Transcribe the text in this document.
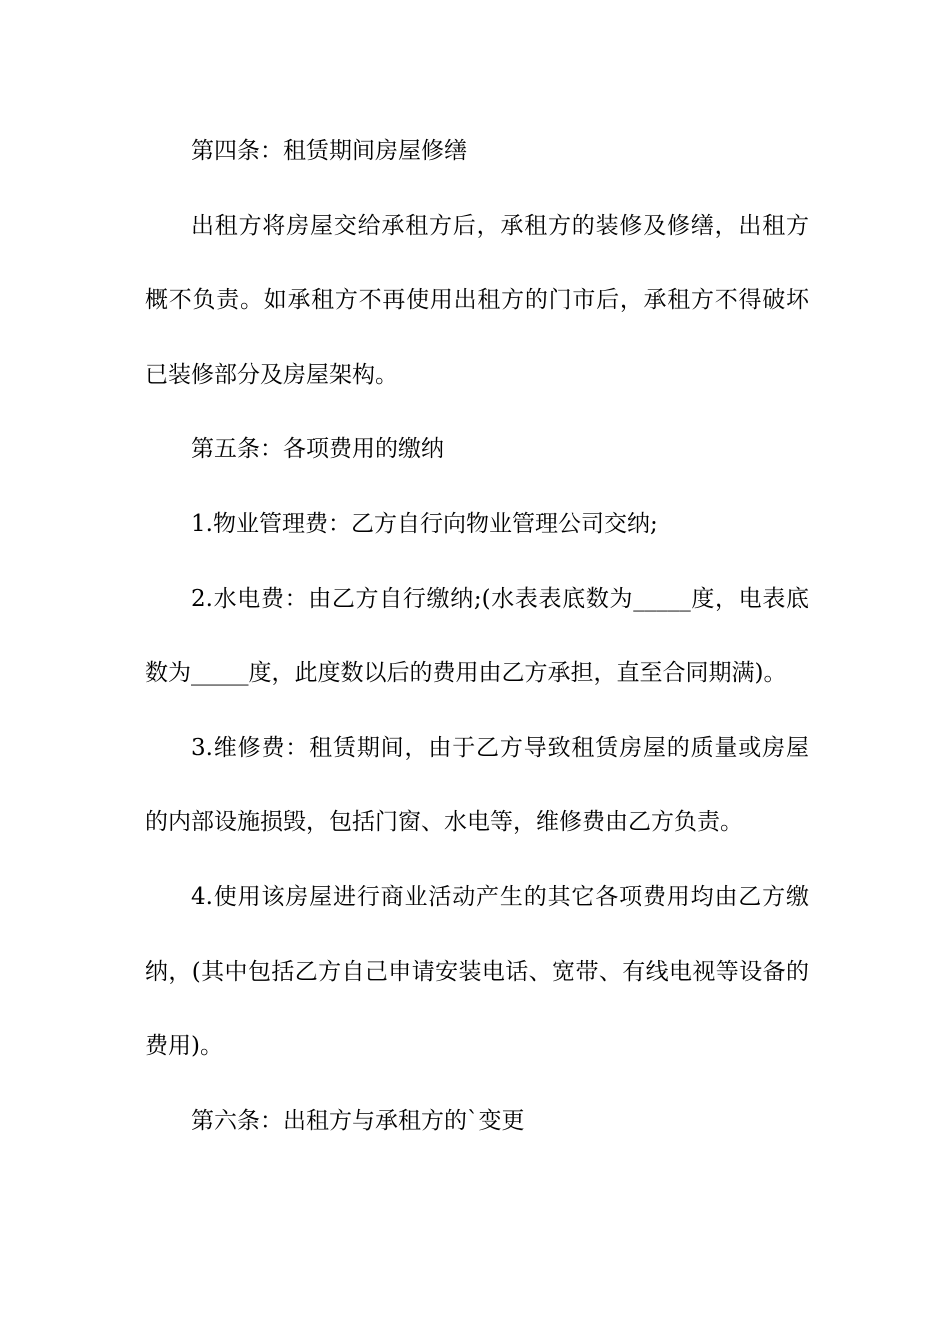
第四条：租赁期间房屋修缮

出租方将房屋交给承租方后，承租方的装修及修缮，出租方概不负责。如承租方不再使用出租方的门市后，承租方不得破坏已装修部分及房屋架构。

第五条：各项费用的缴纳

1.物业管理费：乙方自行向物业管理公司交纳;

2.水电费：由乙方自行缴纳;(水表表底数为_____度，电表底数为_____度，此度数以后的费用由乙方承担，直至合同期满)。

3.维修费：租赁期间，由于乙方导致租赁房屋的质量或房屋的内部设施损毁，包括门窗、水电等，维修费由乙方负责。

4.使用该房屋进行商业活动产生的其它各项费用均由乙方缴纳，(其中包括乙方自己申请安装电话、宽带、有线电视等设备的费用)。

第六条：出租方与承租方的`变更
